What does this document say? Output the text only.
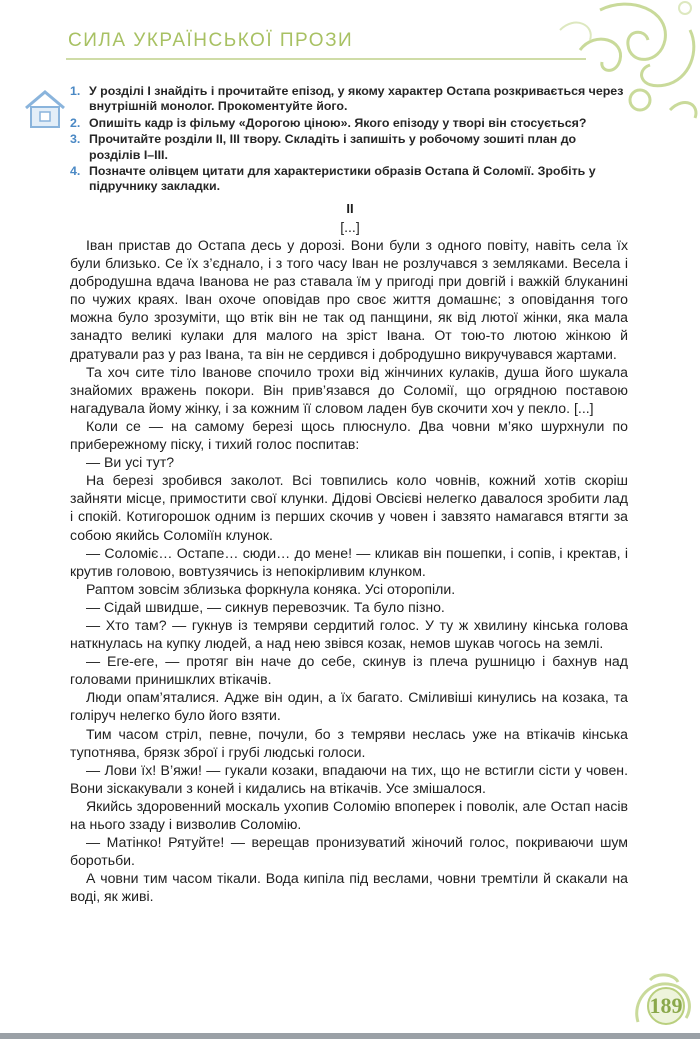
СИЛА УКРАЇНСЬКОЇ ПРОЗИ
1. У розділі І знайдіть і прочитайте епізод, у якому характер Остапа розкривається через внутрішній монолог. Прокоментуйте його.
2. Опишіть кадр із фільму «Дорогою ціною». Якого епізоду у творі він стосується?
3. Прочитайте розділи ІІ, ІІІ твору. Складіть і запишіть у робочому зошиті план до розділів І–ІІІ.
4. Позначте олівцем цитати для характеристики образів Остапа й Соломії. Зробіть у підручнику закладки.

ІІ

[...]

Іван пристав до Остапа десь у дорозі. Вони були з одного повіту, навіть села їх були близько. Се їх з’єднало, і з того часу Іван не розлучався з земляками. Весела і добродушна вдача Іванова не раз ставала їм у пригоді при довгій і важкій блуканині по чужих краях. Іван охоче оповідав про своє життя домашнє; з оповідання того можна було зрозуміти, що втік він не так од панщини, як від лютої жінки, яка мала занадто великі кулаки для малого на зріст Івана. От тою-то лютою жінкою й дратували раз у раз Івана, та він не сердився і добродушно викручувався жартами.

Та хоч сите тіло Іванове спочило трохи від жінчиних кулаків, душа його шукала знайомих вражень покори. Він прив’язався до Соломії, що огрядною поставою нагадувала йому жінку, і за кожним її словом ладен був скочити хоч у пекло. [...]

Коли се — на самому березі щось плюснуло. Два човни м’яко шурхнули по прибережному піску, і тихий голос поспитав:

— Ви усі тут?

На березі зробився заколот. Всі товпились коло човнів, кожний хотів скоріш зайняти місце, примостити свої клунки. Дідові Овсієві нелегко давалося зробити лад і спокій. Котигорошок одним із перших скочив у човен і завзято намагався втягти за собою якийсь Соломіїн клунок.

— Соломіє… Остапе… сюди… до мене! — кликав він пошепки, і сопів, і кректав, і крутив головою, вовтузячись із непокірливим клунком.

Раптом зовсім зблизька форкнула коняка. Усі оторопіли.

— Сідай швидше, — сикнув перевозчик. Та було пізно.

— Хто там? — гукнув із темряви сердитий голос. У ту ж хвилину кінська голова наткнулась на купку людей, а над нею звівся козак, немов шукав чогось на землі.

— Еге-еге, — протяг він наче до себе, скинув із плеча рушницю і бахнув над головами принишклих втікачів.

Люди опам’яталися. Адже він один, а їх багато. Сміливіші кинулись на козака, та голіруч нелегко було його взяти.

Тим часом стріл, певне, почули, бо з темряви неслась уже на втікачів кінська тупотнява, брязк зброї і грубі людські голоси.

— Лови їх! В’яжи! — гукали козаки, впадаючи на тих, що не встигли сісти у човен. Вони зіскакували з коней і кидались на втікачів. Усе змішалося.

Якийсь здоровенний москаль ухопив Соломію впоперек і поволік, але Остап насів на нього ззаду і визволив Соломію.

— Матінко! Рятуйте! — верещав пронизуватий жіночий голос, покриваючи шум боротьби.

А човни тим часом тікали. Вода кипіла під веслами, човни тремтіли й скакали на воді, як живі.

189
